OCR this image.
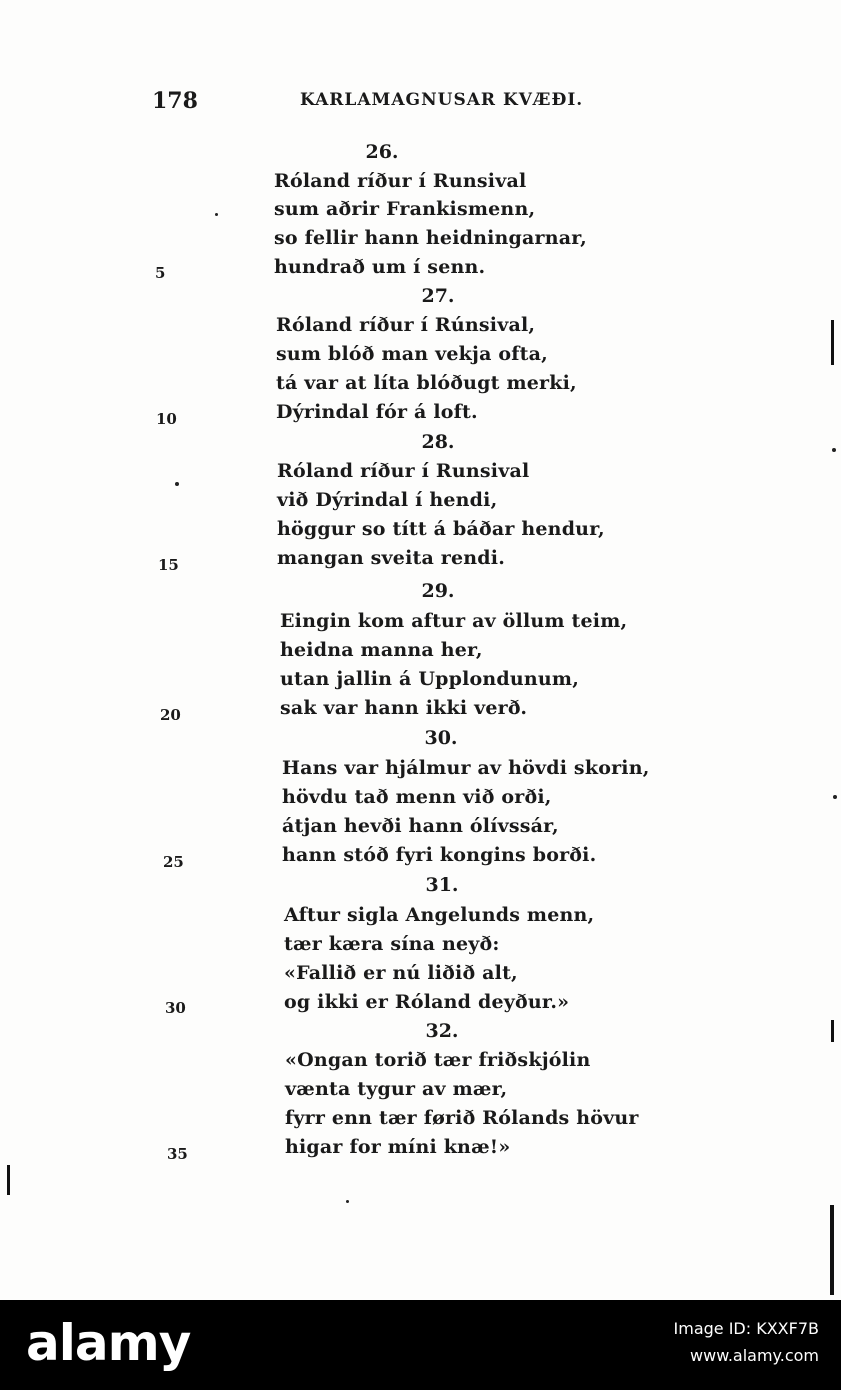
178	KARLAMAGNUSAR KVÆÐI.
26.
Róland ríður í Runsival
sum aðrir Frankismenn,
so fellir hann heidningarnar,
hundrað um í senn.
27.
Róland ríður í Rúnsival,
sum blóð man vekja ofta,
tá var at líta blóðugt merki,
Dýrindal fór á loft.
28.
Róland ríður í Runsival
við Dýrindal í hendi,
höggur so títt á báðar hendur,
mangan sveita rendi.
29.
Eingin kom aftur av öllum teim,
heidna manna her,
utan jallin á Upplondunum,
sak var hann ikki verð.
30.
Hans var hjálmur av hövdi skorin,
hövdu tað menn við orði,
átjan hevði hann ólívssár,
hann stóð fyri kongins borði.
31.
Aftur sigla Angelunds menn,
tær kæra sína neyð:
«Fallið er nú liðið alt,
og ikki er Róland deyður.»
32.
«Ongan torið tær friðskjólin
vænta tygur av mær,
fyrr enn tær førið Rólands hövur
higar for míni knæ!»
5
10
15
20
25
30
35
alamy	Image ID: KXXF7B
www.alamy.com
